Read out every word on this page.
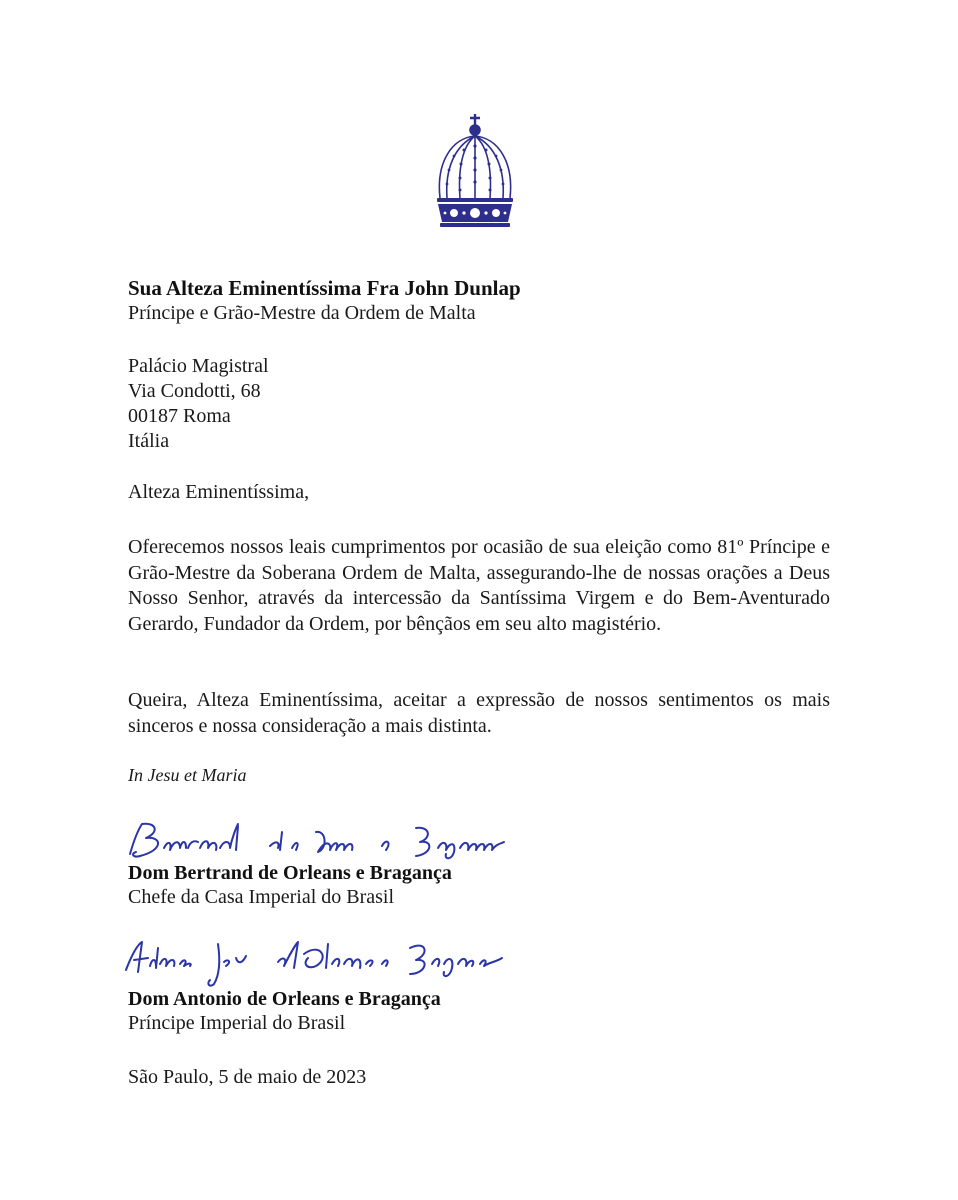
Sua Alteza Eminentíssima Fra John Dunlap
Príncipe e Grão-Mestre da Ordem de Malta
Palácio Magistral
Via Condotti, 68
00187 Roma
Itália
Alteza Eminentíssima,
Oferecemos nossos leais cumprimentos por ocasião de sua eleição como 81º Príncipe e Grão-Mestre da Soberana Ordem de Malta, assegurando-lhe de nossas orações a Deus Nosso Senhor, através da intercessão da Santíssima Virgem e do Bem-Aventurado Gerardo, Fundador da Ordem, por bênçãos em seu alto magistério.
Queira, Alteza Eminentíssima, aceitar a expressão de nossos sentimentos os mais sinceros e nossa consideração a mais distinta.
In Jesu et Maria
Dom Bertrand de Orleans e Bragança
Chefe da Casa Imperial do Brasil
Dom Antonio de Orleans e Bragança
Príncipe Imperial do Brasil
São Paulo, 5 de maio de 2023
